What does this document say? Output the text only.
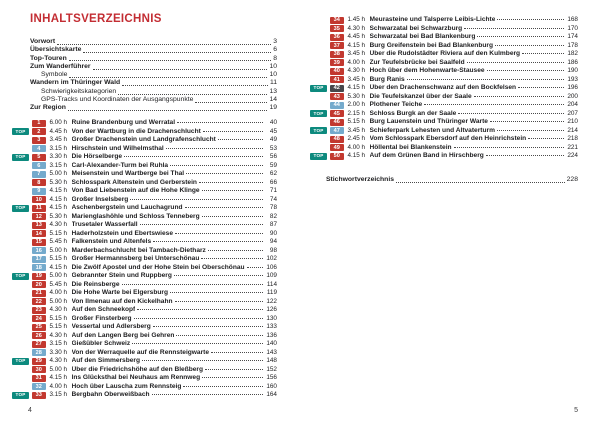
INHALTSVERZEICHNIS
Vorwort	3
Übersichtskarte	6
Top-Touren	8
Zum Wanderführer	10
Symbole	10
Wandern im Thüringer Wald	11
Schwierigkeitskategorien	13
GPS-Tracks und Koordinaten der Ausgangspunkte	14
Zur Region	19
1	6.00 h Ruine Brandenburg und Werratal	40
TOP	2	4.45 h Von der Wartburg in die Drachenschlucht	45
3	3.45 h Großer Drachenstein und Landgrafenschlucht	49
4	3.15 h Hirschstein und Wilhelmsthal	53
TOP	5	3.30 h Die Hörselberge	56
6	3.15 h Carl-Alexander-Turm bei Ruhla	59
7	5.00 h Meisenstein und Wartberge bei Thal	62
8	5.30 h Schlosspark Altenstein und Gerberstein	66
9	4.15 h Von Bad Liebenstein auf die Hohe Klinge	71
10	4.15 h Großer Inselsberg	74
TOP	11	4.15 h Aschenbergstein und Lauchagrund	78
12	5.30 h Marienglashöhle und Schloss Tenneberg	82
13	4.30 h Trusetaler Wasserfall	87
14	5.15 h Haderholzstein und Ebertswiese	90
15	5.45 h Falkenstein und Altenfels	94
16	5.00 h Marderbachschlucht bei Tambach-Dietharz	98
17	5.15 h Großer Hermannsberg bei Unterschönau	102
18	4.15 h Die Zwölf Apostel und der Hohe Stein bei Oberschönau	106
TOP	19	5.00 h Gebrannter Stein und Ruppberg	109
20	5.45 h Die Reinsberge	114
21	4.00 h Die Hohe Warte bei Elgersburg	119
22	5.00 h Von Ilmenau auf den Kickelhahn	122
23	4.30 h Auf den Schneekopf	126
24	5.15 h Großer Finsterberg	130
25	5.15 h Vessertal und Adlersberg	133
26	4.30 h Auf den Langen Berg bei Gehren	136
27	3.15 h Gießübler Schweiz	140
28	3.30 h Von der Werraquelle auf die Rennsteigwarte	143
TOP	29	4.30 h Auf den Simmersberg	148
30	5.00 h Über die Friedrichshöhe auf den Bleßberg	152
31	4.15 h Ins Glücksthal bei Neuhaus am Rennweg	156
32	4.00 h Hoch über Lauscha zum Rennsteig	160
TOP	33	3.15 h Bergbahn Oberweißbach	164
4
34	1.45 h Meurasteine und Talsperre Leibis-Lichte	168
35	4.30 h Schwarzatal bei Schwarzburg	170
36	4.45 h Schwarzatal bei Bad Blankenburg	174
37	4.15 h Burg Greifenstein bei Bad Blankenburg	178
38	3.45 h Über die Rudolstädter Riviera auf den Kulmberg	182
39	4.00 h Zur Teufelsbrücke bei Saalfeld	186
40	4.30 h Hoch über dem Hohenwarte-Stausee	190
41	3.45 h Burg Ranis	193
TOP	42	4.15 h Über den Drachenschwanz auf den Bockfelsen	196
43	5.30 h Die Teufelskanzel über der Saale	200
44	2.00 h Plothener Teiche	204
TOP	45	2.15 h Schloss Burgk an der Saale	207
46	5.15 h Burg Lauenstein und Thüringer Warte	210
TOP	47	3.45 h Schieferpark Lehesten und Altvaterturm	214
48	2.45 h Vom Schlosspark Ebersdorf auf den Heinrichstein	218
49	4.00 h Höllental bei Blankenstein	221
TOP	50	4.15 h Auf dem Grünen Band in Hirschberg	224
Stichwortverzeichnis	228
5
